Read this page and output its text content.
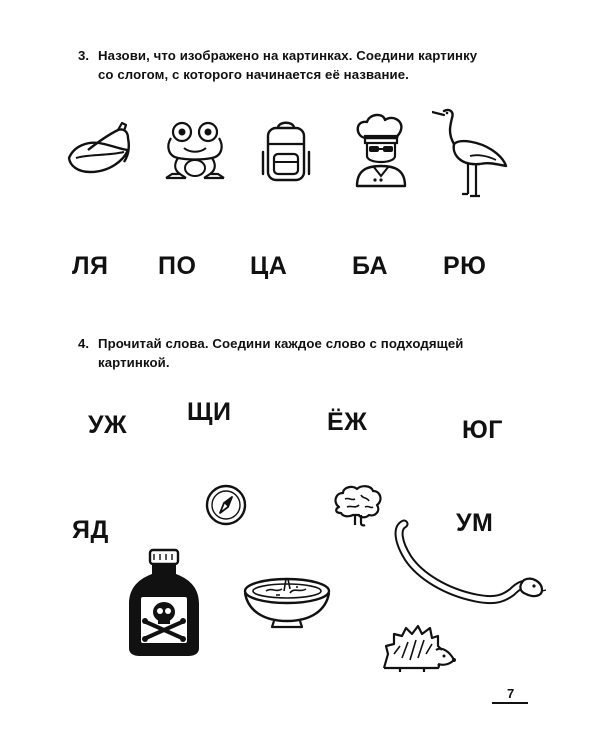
3. Назови, что изображено на картинках. Соедини картинку
со слогом, с которого начинается её название.
ЛЯ ПО ЦА	БА РЮ
4. Прочитай слова. Соедини каждое слово с подходящей
картинкой.
УЖ ЩИ	ЁЖ	ЮГ
ЯД	УМ
7
